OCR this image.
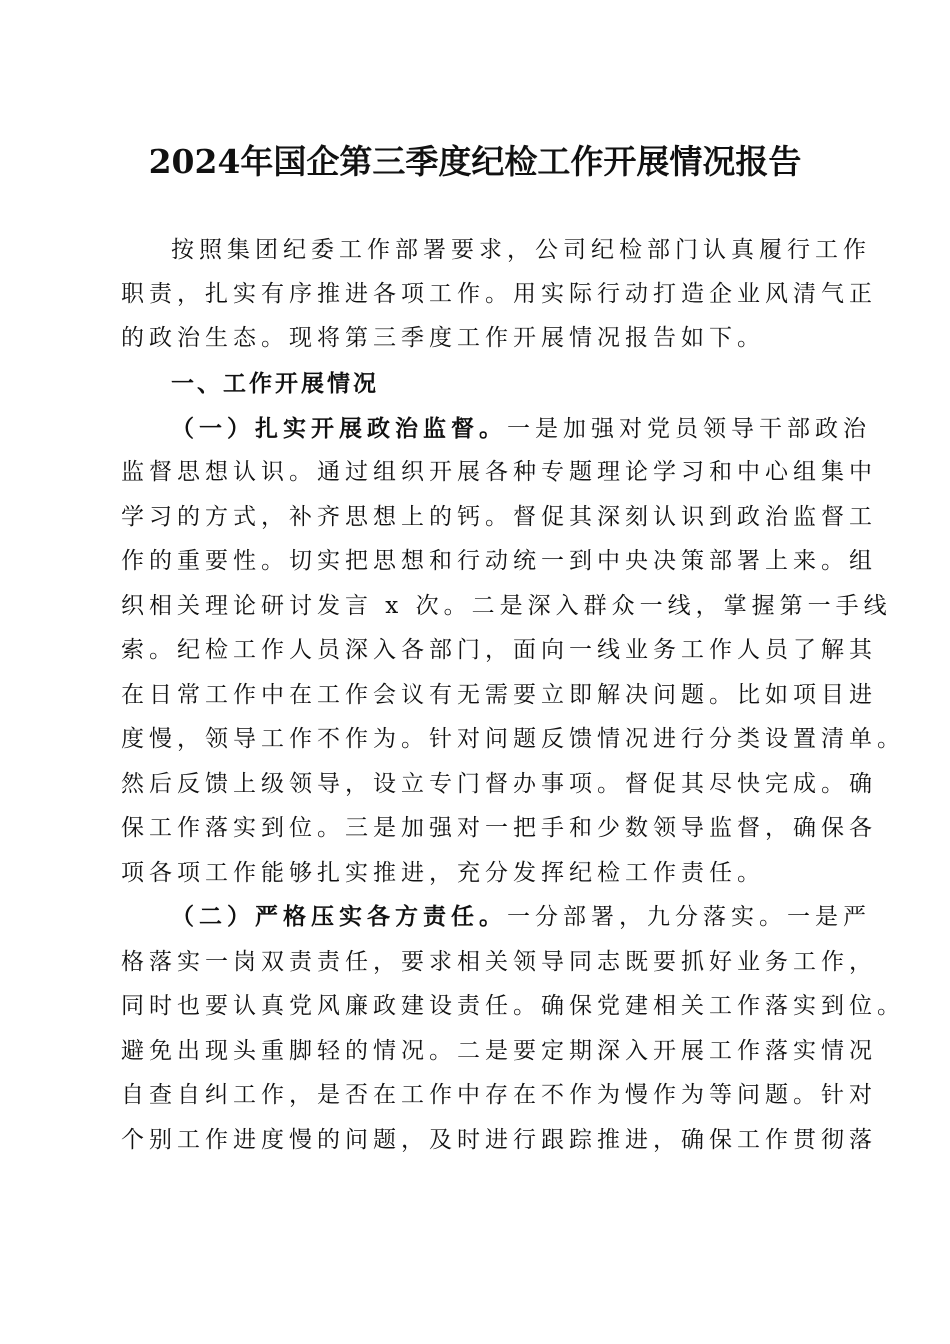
2024年国企第三季度纪检工作开展情况报告
按照集团纪委工作部署要求，公司纪检部门认真履行工作
职责，扎实有序推进各项工作。用实际行动打造企业风清气正
的政治生态。现将第三季度工作开展情况报告如下。
一、工作开展情况
（一）扎实开展政治监督。一是加强对党员领导干部政治
监督思想认识。通过组织开展各种专题理论学习和中心组集中
学习的方式，补齐思想上的钙。督促其深刻认识到政治监督工
作的重要性。切实把思想和行动统一到中央决策部署上来。组
织相关理论研讨发言 x 次。二是深入群众一线，掌握第一手线
索。纪检工作人员深入各部门，面向一线业务工作人员了解其
在日常工作中在工作会议有无需要立即解决问题。比如项目进
度慢，领导工作不作为。针对问题反馈情况进行分类设置清单。
然后反馈上级领导，设立专门督办事项。督促其尽快完成。确
保工作落实到位。三是加强对一把手和少数领导监督，确保各
项各项工作能够扎实推进，充分发挥纪检工作责任。
（二）严格压实各方责任。一分部署，九分落实。一是严
格落实一岗双责责任，要求相关领导同志既要抓好业务工作，
同时也要认真党风廉政建设责任。确保党建相关工作落实到位。
避免出现头重脚轻的情况。二是要定期深入开展工作落实情况
自查自纠工作，是否在工作中存在不作为慢作为等问题。针对
个别工作进度慢的问题，及时进行跟踪推进，确保工作贯彻落
